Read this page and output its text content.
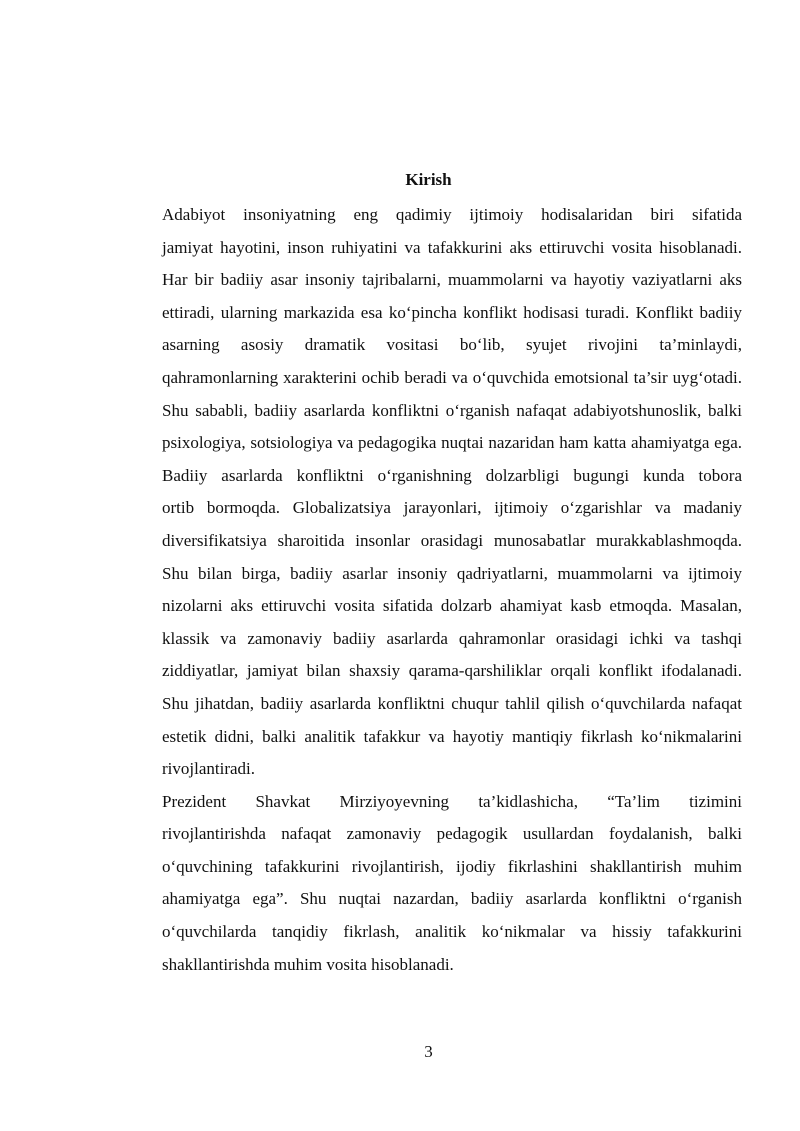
Kirish

Adabiyot insoniyatning eng qadimiy ijtimoiy hodisalaridan biri sifatida
jamiyat hayotini, inson ruhiyatini va tafakkurini aks ettiruvchi vosita hisoblanadi.
Har bir badiiy asar insoniy tajribalarni, muammolarni va hayotiy vaziyatlarni aks
ettiradi, ularning markazida esa ko‘pincha konflikt hodisasi turadi. Konflikt badiiy
asarning asosiy dramatik vositasi bo‘lib, syujet rivojini ta’minlaydi,
qahramonlarning xarakterini ochib beradi va o‘quvchida emotsional ta’sir uyg‘otadi.
Shu sababli, badiiy asarlarda konfliktni o‘rganish nafaqat adabiyotshunoslik, balki
psixologiya, sotsiologiya va pedagogika nuqtai nazaridan ham katta ahamiyatga ega.

Badiiy asarlarda konfliktni o‘rganishning dolzarbligi bugungi kunda tobora
ortib bormoqda. Globalizatsiya jarayonlari, ijtimoiy o‘zgarishlar va madaniy
diversifikatsiya sharoitida insonlar orasidagi munosabatlar murakkablashmoqda.
Shu bilan birga, badiiy asarlar insoniy qadriyatlarni, muammolarni va ijtimoiy
nizolarni aks ettiruvchi vosita sifatida dolzarb ahamiyat kasb etmoqda. Masalan,
klassik va zamonaviy badiiy asarlarda qahramonlar orasidagi ichki va tashqi
ziddiyatlar, jamiyat bilan shaxsiy qarama-qarshiliklar orqali konflikt ifodalanadi.
Shu jihatdan, badiiy asarlarda konfliktni chuqur tahlil qilish o‘quvchilarda nafaqat
estetik didni, balki analitik tafakkur va hayotiy mantiqiy fikrlash ko‘nikmalarini
rivojlantiradi.

Prezident Shavkat Mirziyoyevning ta’kidlashicha, “Ta’lim tizimini
rivojlantirishda nafaqat zamonaviy pedagogik usullardan foydalanish, balki
o‘quvchining tafakkurini rivojlantirish, ijodiy fikrlashini shakllantirish muhim
ahamiyatga ega”. Shu nuqtai nazardan, badiiy asarlarda konfliktni o‘rganish
o‘quvchilarda tanqidiy fikrlash, analitik ko‘nikmalar va hissiy tafakkurini
shakllantirishda muhim vosita hisoblanadi.

3
